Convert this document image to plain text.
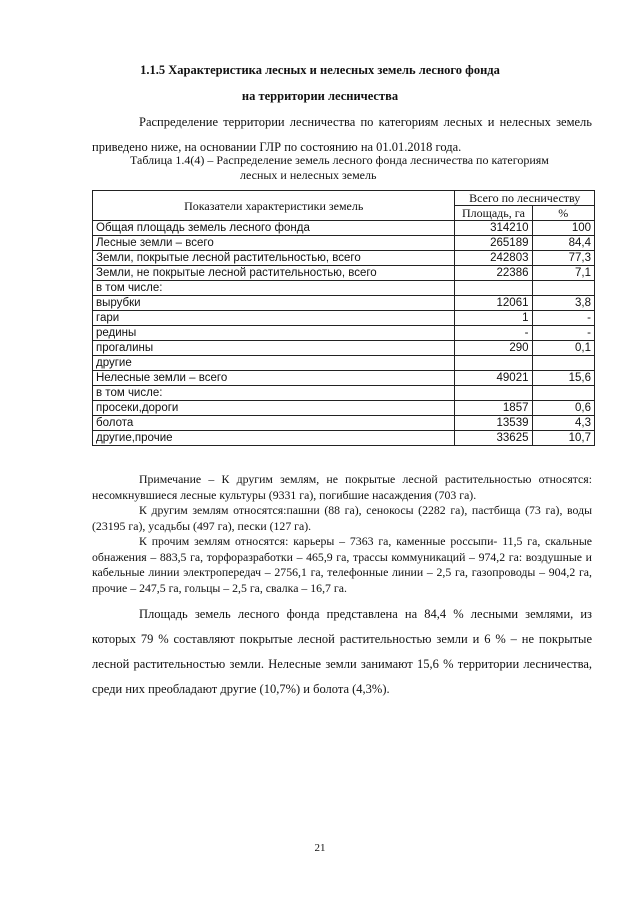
1.1.5 Характеристика лесных и нелесных земель лесного фонда
на территории лесничества

Распределение территории лесничества по категориям лесных и нелесных земель приведено ниже, на основании ГЛР по состоянию на 01.01.2018 года.

Таблица 1.4(4) – Распределение земель лесного фонда лесничества по категориям

лесных и нелесных земель

Показатели характеристики земель	Всего по лесничеству	
	Площадь, га	%
Общая площадь земель лесного фонда	314210	100
Лесные земли – всего	265189	84,4
Земли, покрытые лесной растительностью, всего	242803	77,3
Земли, не покрытые лесной растительностью, всего	22386	7,1
в том числе:		
вырубки	12061	3,8
гари	1	-
редины	-	-
прогалины	290	0,1
другие		
Нелесные земли – всего	49021	15,6
в том числе:		
просеки,дороги	1857	0,6
болота	13539	4,3
другие,прочие	33625	10,7

Примечание – К другим землям, не покрытые лесной растительностью относятся: несомкнувшиеся лесные культуры (9331 га), погибшие насаждения (703 га).

К другим землям относятся:пашни (88 га), сенокосы (2282 га), пастбища (73 га), воды (23195 га), усадьбы (497 га), пески (127 га).

К прочим землям относятся: карьеры – 7363 га, каменные россыпи- 11,5 га, скальные обнажения – 883,5 га, торфоразработки – 465,9 га, трассы коммуникаций – 974,2 га: воздушные и кабельные линии электропередач – 2756,1 га, телефонные линии – 2,5 га, газопроводы – 904,2 га, прочие – 247,5 га, гольцы – 2,5 га, свалка – 16,7 га.

Площадь земель лесного фонда представлена на 84,4 % лесными землями, из которых 79 % составляют покрытые лесной растительностью земли и 6 % – не покрытые лесной растительностью земли. Нелесные земли занимают 15,6 % территории лесничества, среди них преобладают другие (10,7%) и болота (4,3%).

21
